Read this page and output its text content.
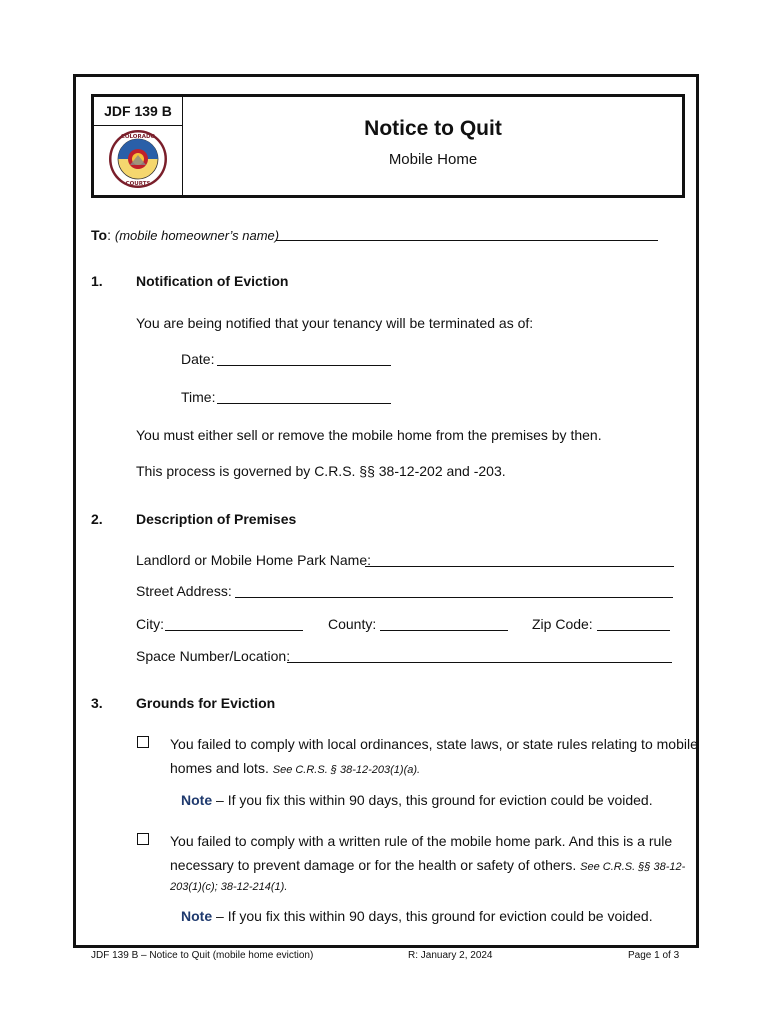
JDF 139 B
COLORADO
COURTS
Notice to Quit
Mobile Home
To: (mobile homeowner’s name)
1. Notification of Eviction
You are being notified that your tenancy will be terminated as of:
Date:
Time:
You must either sell or remove the mobile home from the premises by then.
This process is governed by C.R.S. §§ 38-12-202 and -203.
2. Description of Premises
Landlord or Mobile Home Park Name:
Street Address:
City:	County:	Zip Code:
Space Number/Location:
3. Grounds for Eviction
You failed to comply with local ordinances, state laws, or state rules relating to mobile
homes and lots. See C.R.S. § 38-12-203(1)(a).
Note – If you fix this within 90 days, this ground for eviction could be voided.
You failed to comply with a written rule of the mobile home park. And this is a rule
necessary to prevent damage or for the health or safety of others. See C.R.S. §§ 38-12-
203(1)(c); 38-12-214(1).
Note – If you fix this within 90 days, this ground for eviction could be voided.
JDF 139 B – Notice to Quit (mobile home eviction)	R: January 2, 2024	Page 1 of 3
